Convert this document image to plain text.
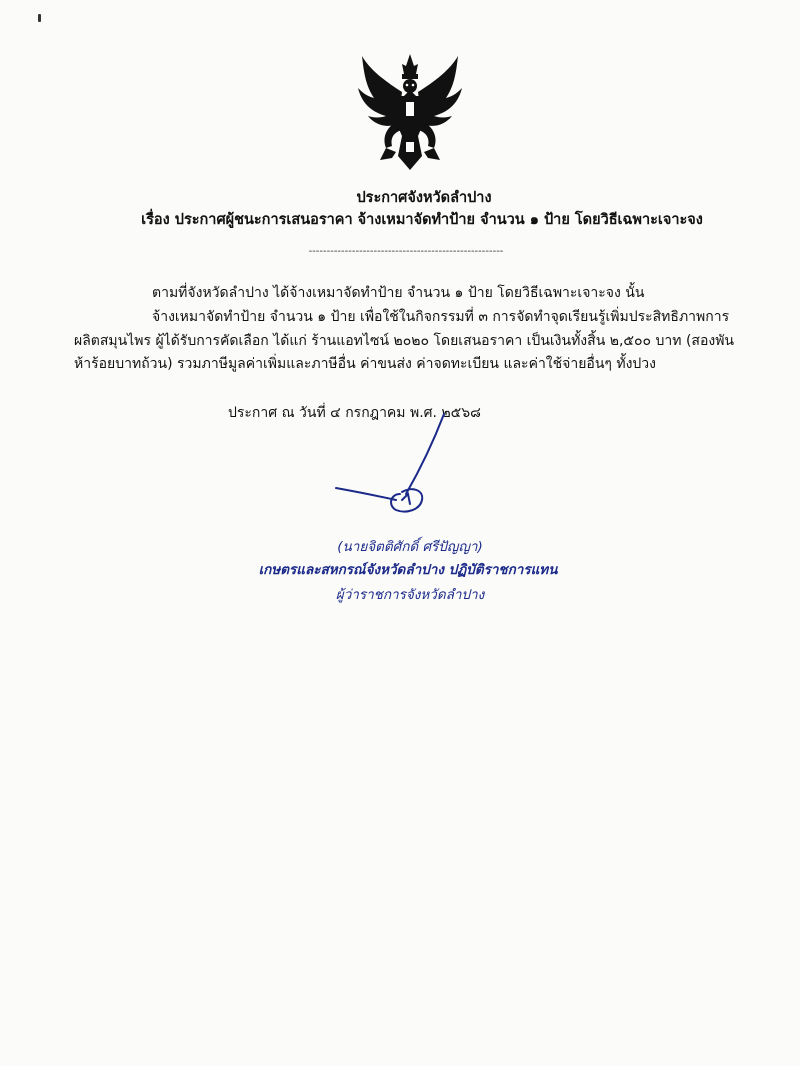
ประกาศจังหวัดลำปาง
เรื่อง ประกาศผู้ชนะการเสนอราคา จ้างเหมาจัดทำป้าย จำนวน ๑ ป้าย โดยวิธีเฉพาะเจาะจง
------------------------------------------------------
ตามที่จังหวัดลำปาง ได้จ้างเหมาจัดทำป้าย จำนวน ๑ ป้าย โดยวิธีเฉพาะเจาะจง นั้น
จ้างเหมาจัดทำป้าย จำนวน ๑ ป้าย เพื่อใช้ในกิจกรรมที่ ๓ การจัดทำจุดเรียนรู้เพิ่มประสิทธิภาพการ
ผลิตสมุนไพร ผู้ได้รับการคัดเลือก ได้แก่ ร้านแอทไซน์ ๒๐๒๐ โดยเสนอราคา เป็นเงินทั้งสิ้น ๒,๕๐๐ บาท (สองพัน
ห้าร้อยบาทถ้วน) รวมภาษีมูลค่าเพิ่มและภาษีอื่น ค่าขนส่ง ค่าจดทะเบียน และค่าใช้จ่ายอื่นๆ ทั้งปวง
ประกาศ ณ วันที่ ๔ กรกฎาคม พ.ศ. ๒๕๖๘
(นายจิตติศักดิ์ ศรีปัญญา)
เกษตรและสหกรณ์จังหวัดลำปาง ปฏิบัติราชการแทน
ผู้ว่าราชการจังหวัดลำปาง
